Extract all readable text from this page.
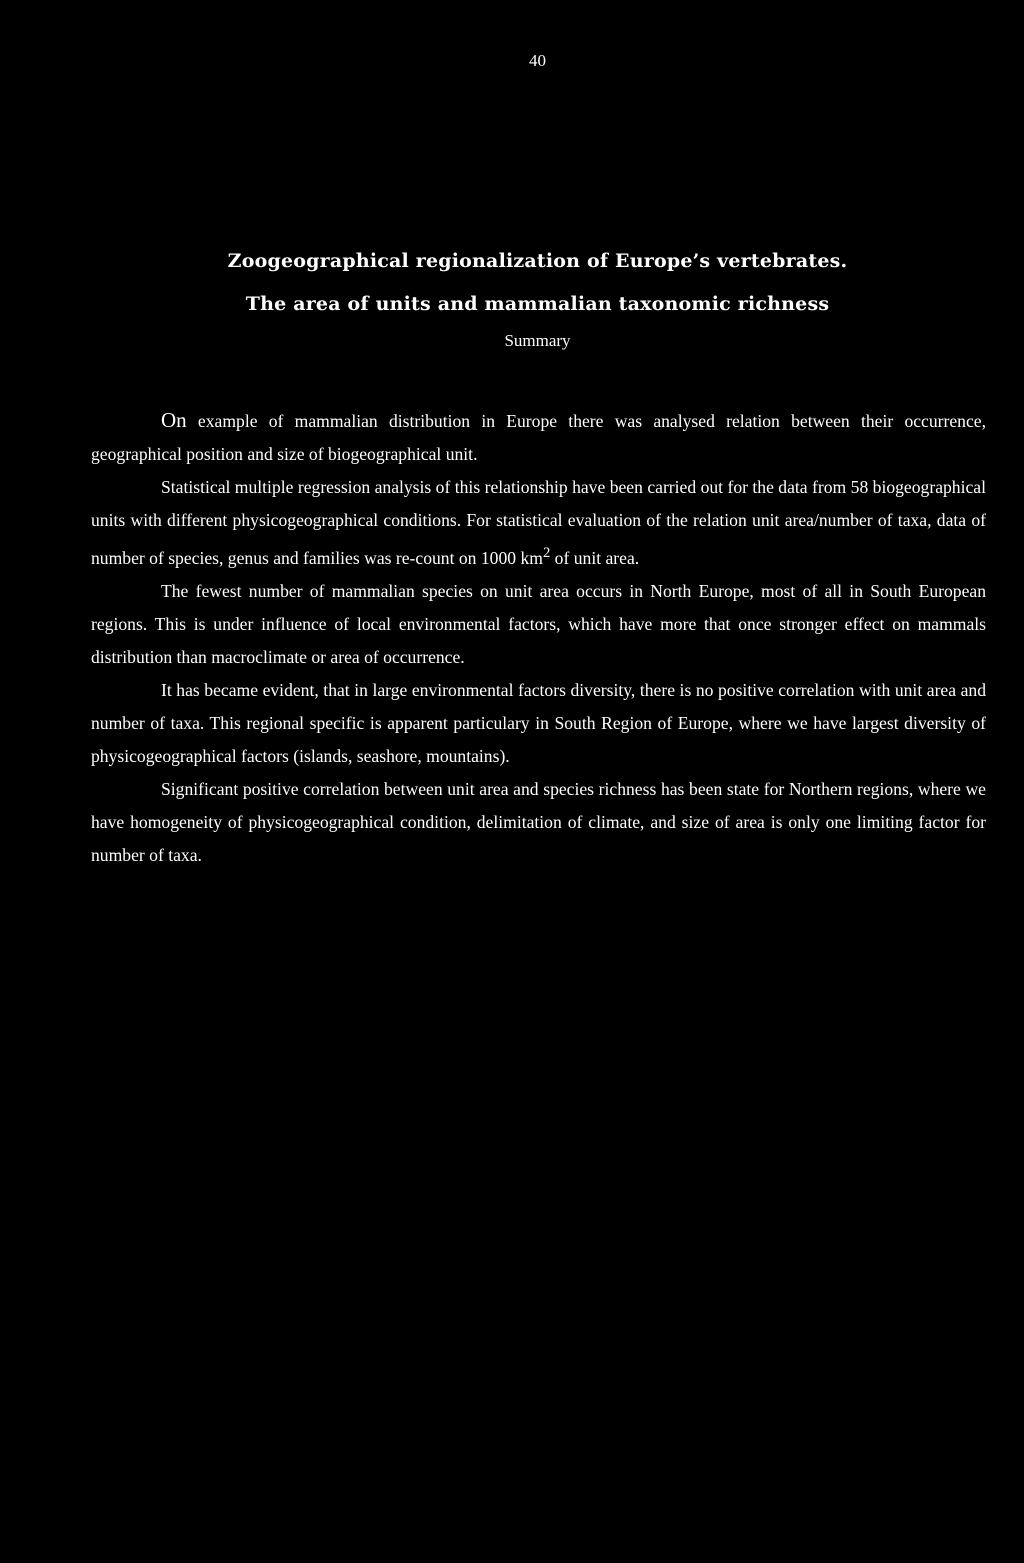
40
Zoogeographical regionalization of Europe’s vertebrates.
The area of units and mammalian taxonomic richness
Summary

On example of mammalian distribution in Europe there was analysed relation between their occurrence, geographical position and size of biogeographical unit.

Statistical multiple regression analysis of this relationship have been carried out for the data from 58 biogeographical units with different physicogeographical conditions. For statistical evaluation of the relation unit area/number of taxa, data of number of species, genus and families was re-count on 1000 $km^2$ of unit area.

The fewest number of mammalian species on unit area occurs in North Europe, most of all in South European regions. This is under influence of local environmental factors, which have more that once stronger effect on mammals distribution than macroclimate or area of occurrence.

It has became evident, that in large environmental factors diversity, there is no positive correlation with unit area and number of taxa. This regional specific is apparent particulary in South Region of Europe, where we have largest diversity of physicogeographical factors (islands, seashore, mountains).

Significant positive correlation between unit area and species richness has been state for Northern regions, where we have homogeneity of physicogeographical condition, delimitation of climate, and size of area is only one limiting factor for number of taxa.
